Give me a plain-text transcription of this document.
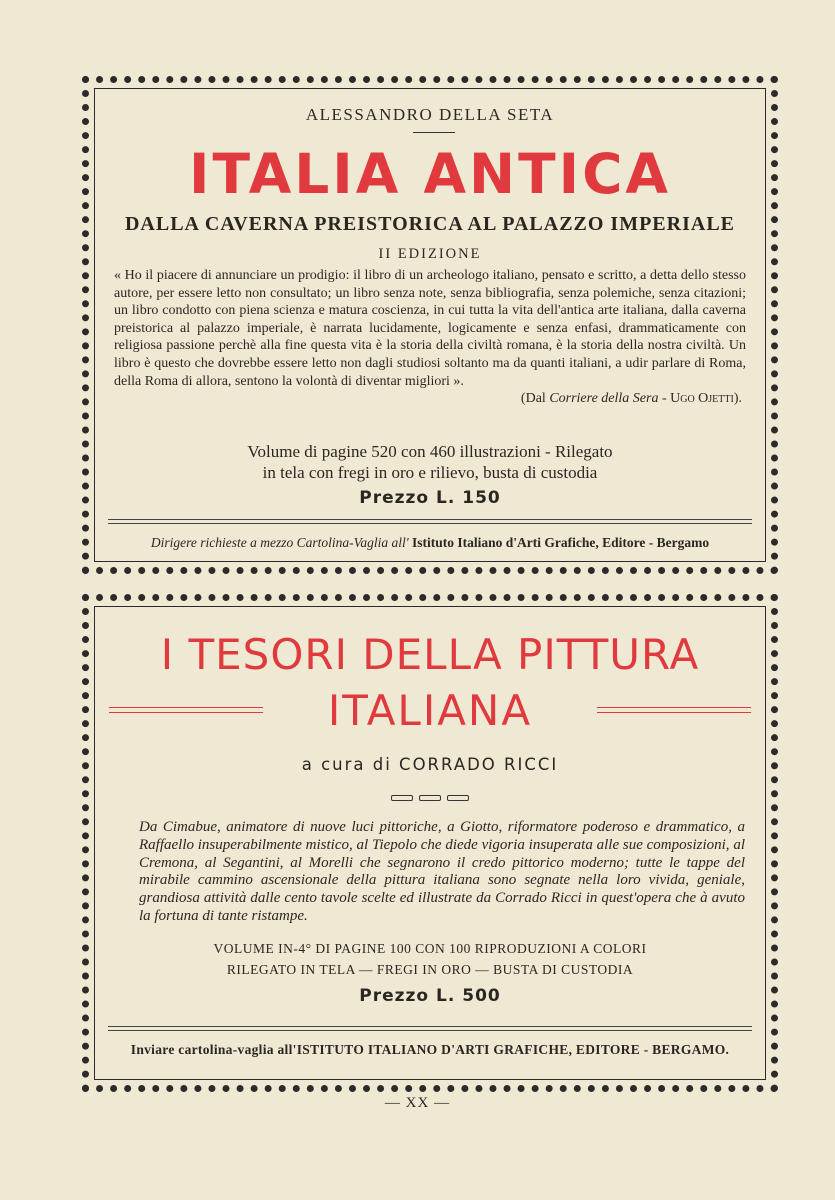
ALESSANDRO DELLA SETA
ITALIA ANTICA
DALLA CAVERNA PREISTORICA AL PALAZZO IMPERIALE
II EDIZIONE
« Ho il piacere di annunciare un prodigio: il libro di un archeologo italiano, pensato e scritto, a detta dello stesso autore, per essere letto non consultato; un libro senza note, senza bibliografia, senza polemiche, senza citazioni; un libro condotto con piena scienza e matura coscienza, in cui tutta la vita dell'antica arte italiana, dalla caverna preistorica al palazzo imperiale, è narrata lucidamente, logicamente e senza enfasi, drammaticamente con religiosa passione perchè alla fine questa vita è la storia della civiltà romana, è la storia della nostra civiltà. Un libro è questo che dovrebbe essere letto non dagli studiosi soltanto ma da quanti italiani, a udir parlare di Roma, della Roma di allora, sentono la volontà di diventar migliori ».
(Dal Corriere della Sera - Ugo Ojetti).
Volume di pagine 520 con 460 illustrazioni - Rilegato
in tela con fregi in oro e rilievo, busta di custodia
Prezzo L. 150
Dirigere richieste a mezzo Cartolina-Vaglia all' Istituto Italiano d'Arti Grafiche, Editore - Bergamo
I TESORI DELLA PITTURA
ITALIANA
a cura di CORRADO RICCI
Da Cimabue, animatore di nuove luci pittoriche, a Giotto, riformatore poderoso e drammatico, a Raffaello insuperabilmente mistico, al Tiepolo che diede vigoria insuperata alle sue composizioni, al Cremona, al Segantini, al Morelli che segnarono il credo pittorico moderno; tutte le tappe del mirabile cammino ascensionale della pittura italiana sono segnate nella loro vivida, geniale, grandiosa attività dalle cento tavole scelte ed illustrate da Corrado Ricci in quest'opera che à avuto la fortuna di tante ristampe.
VOLUME IN-4° DI PAGINE 100 CON 100 RIPRODUZIONI A COLORI
RILEGATO IN TELA — FREGI IN ORO — BUSTA DI CUSTODIA
Prezzo L. 500
Inviare cartolina-vaglia all'ISTITUTO ITALIANO D'ARTI GRAFICHE, EDITORE - BERGAMO.
— XX —
